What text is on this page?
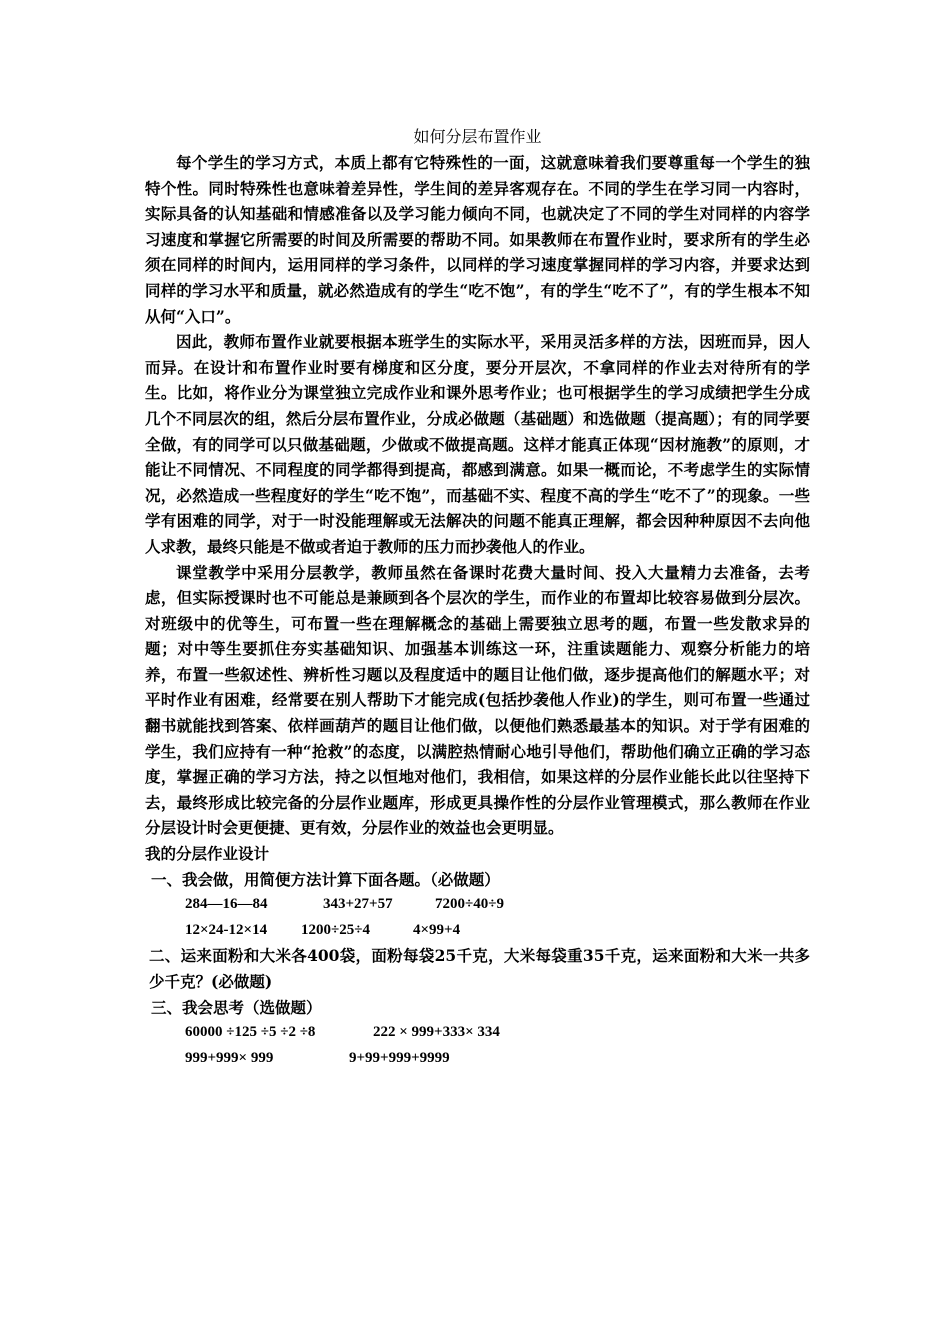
如何分层布置作业

每个学生的学习方式，本质上都有它特殊性的一面，这就意味着我们要尊重每一个学生的独特个性。同时特殊性也意味着差异性，学生间的差异客观存在。不同的学生在学习同一内容时，实际具备的认知基础和情感准备以及学习能力倾向不同，也就决定了不同的学生对同样的内容学习速度和掌握它所需要的时间及所需要的帮助不同。如果教师在布置作业时，要求所有的学生必须在同样的时间内，运用同样的学习条件，以同样的学习速度掌握同样的学习内容，并要求达到同样的学习水平和质量，就必然造成有的学生“吃不饱”，有的学生“吃不了”，有的学生根本不知从何“入口”。

因此，教师布置作业就要根据本班学生的实际水平，采用灵活多样的方法，因班而异，因人而异。在设计和布置作业时要有梯度和区分度，要分开层次，不拿同样的作业去对待所有的学生。比如，将作业分为课堂独立完成作业和课外思考作业；也可根据学生的学习成绩把学生分成几个不同层次的组，然后分层布置作业，分成必做题（基础题）和选做题（提高题）；有的同学要全做，有的同学可以只做基础题，少做或不做提高题。这样才能真正体现“因材施教”的原则，才能让不同情况、不同程度的同学都得到提高，都感到满意。如果一概而论，不考虑学生的实际情况，必然造成一些程度好的学生“吃不饱”，而基础不实、程度不高的学生“吃不了”的现象。一些学有困难的同学，对于一时没能理解或无法解决的问题不能真正理解，都会因种种原因不去向他人求教，最终只能是不做或者迫于教师的压力而抄袭他人的作业。

课堂教学中采用分层教学，教师虽然在备课时花费大量时间、投入大量精力去准备，去考虑，但实际授课时也不可能总是兼顾到各个层次的学生，而作业的布置却比较容易做到分层次。对班级中的优等生，可布置一些在理解概念的基础上需要独立思考的题，布置一些发散求异的题；对中等生要抓住夯实基础知识、加强基本训练这一环，注重读题能力、观察分析能力的培养，布置一些叙述性、辨析性习题以及程度适中的题目让他们做，逐步提高他们的解题水平；对平时作业有困难，经常要在别人帮助下才能完成(包括抄袭他人作业)的学生，则可布置一些通过翻书就能找到答案、依样画葫芦的题目让他们做，以便他们熟悉最基本的知识。对于学有困难的学生，我们应持有一种“抢救”的态度，以满腔热情耐心地引导他们，帮助他们确立正确的学习态度，掌握正确的学习方法，持之以恒地对他们，我相信，如果这样的分层作业能长此以往坚持下去，最终形成比较完备的分层作业题库，形成更具操作性的分层作业管理模式，那么教师在作业分层设计时会更便捷、更有效，分层作业的效益也会更明显。

我的分层作业设计

一、我会做，用简便方法计算下面各题。（必做题）

284—16—84	343+27+57	7200÷40÷9

12×24-12×14 1200÷25÷4	4×99+4

二、运来面粉和大米各400袋，面粉每袋25千克，大米每袋重35千克，运来面粉和大米一共多少千克？(必做题)

三、我会思考（选做题）

60000 ÷125 ÷5 ÷2 ÷8	222 × 999+333× 334

999+999× 999	9+99+999+9999
